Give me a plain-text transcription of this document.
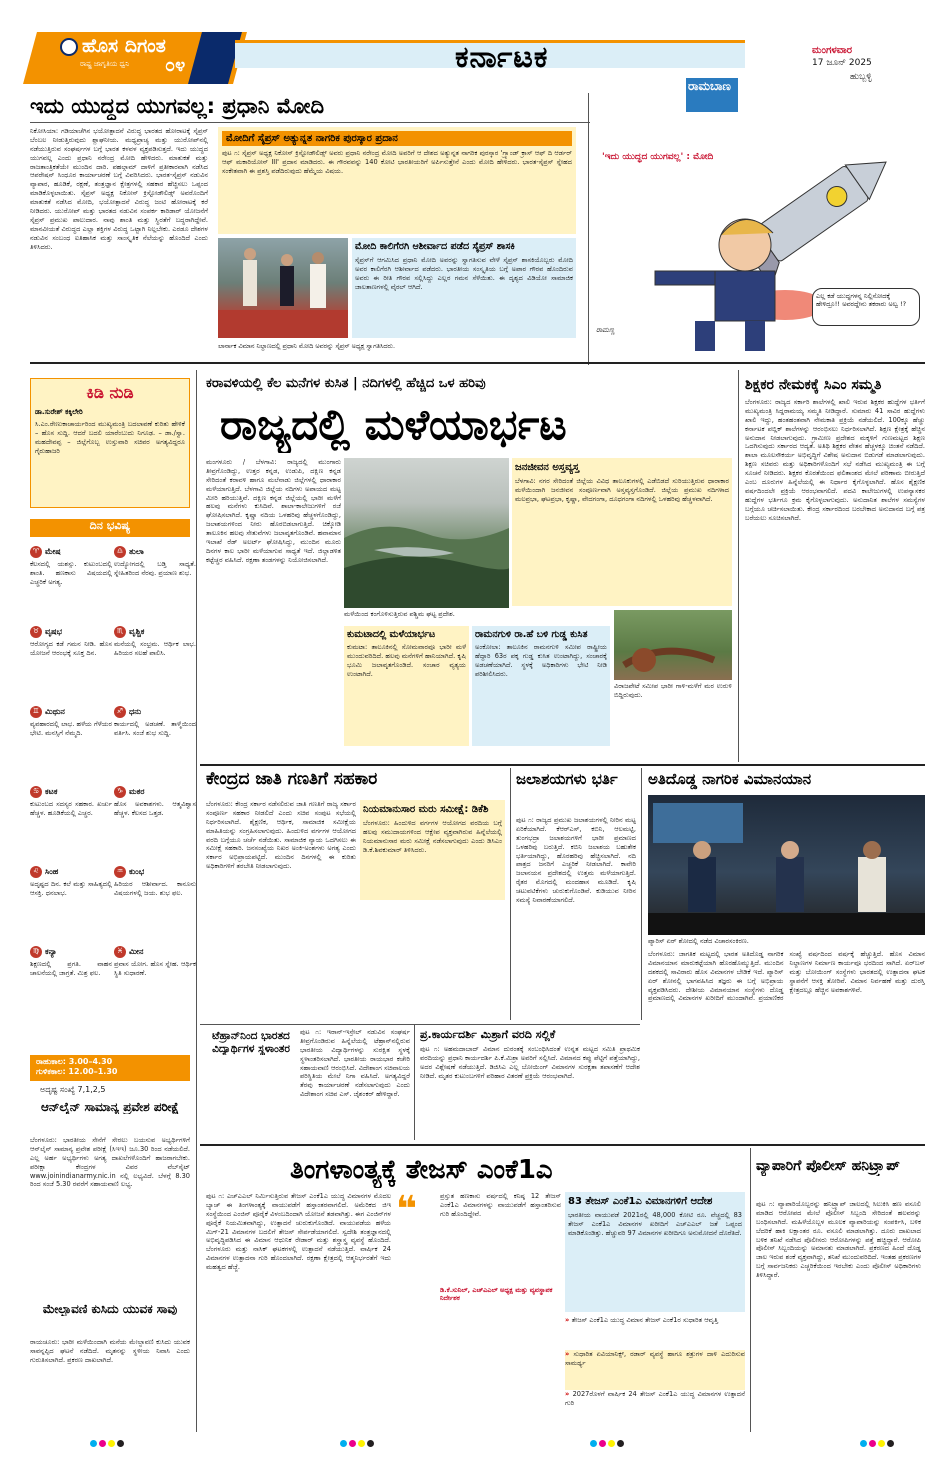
ಹೊಸ ದಿಗಂತ
ರಾಷ್ಟ್ರ ಜಾಗೃತಿಯ ಧ್ವನಿ ೦೪	ಕರ್ನಾಟಕ	ಮಂಗಳವಾರ
17 ಜೂನ್ 2025
ಹುಬ್ಬಳ್ಳಿ
ಇದು ಯುದ್ಧದ ಯುಗವಲ್ಲ: ಪ್ರಧಾನಿ ಮೋದಿ
ನಿಕೋಸಿಯಾ: ಗಡಿಯಾಚೆಗಿನ ಭಯೋತ್ಪಾದನೆ ವಿರುದ್ಧ ಭಾರತದ ಹೋರಾಟಕ್ಕೆ ಸೈಪ್ರಸ್ ಬೆಂಬಲ ನೀಡುತ್ತಿರುವುದು ಶ್ಲಾಘನೀಯ. ಮಧ್ಯಪ್ರಾಚ್ಯ ಮತ್ತು ಯುರೋಪ್‌ನಲ್ಲಿ ನಡೆಯುತ್ತಿರುವ ಸಂಘರ್ಷಗಳ ಬಗ್ಗೆ ಭಾರತ ಕಳವಳ ವ್ಯಕ್ತಪಡಿಸುತ್ತದೆ. ಇದು ಯುದ್ಧದ ಯುಗವಲ್ಲ ಎಂದು ಪ್ರಧಾನಿ ನರೇಂದ್ರ ಮೋದಿ ಹೇಳಿದರು. ಮಾತುಕತೆ ಮತ್ತು ರಾಜತಾಂತ್ರಿಕತೆಯೇ ಮುಂದಿನ ದಾರಿ. ಪಹಲ್ಗಾಮ್ ದಾಳಿಗೆ ಪ್ರತೀಕಾರವಾಗಿ ನಡೆಸಿದ ಆಪರೇಷನ್ ಸಿಂಧೂರ ಕಾರ್ಯಾಚರಣೆ ಬಗ್ಗೆ ವಿವರಿಸಿದರು. ಭಾರತ-ಸೈಪ್ರಸ್ ನಡುವಿನ ವ್ಯಾಪಾರ, ಹೂಡಿಕೆ, ರಕ್ಷಣೆ, ತಂತ್ರಜ್ಞಾನ ಕ್ಷೇತ್ರಗಳಲ್ಲಿ ಸಹಕಾರ ಹೆಚ್ಚಿಸಲು ಒಪ್ಪಂದ ಮಾಡಿಕೊಳ್ಳಲಾಯಿತು. ಸೈಪ್ರಸ್ ಅಧ್ಯಕ್ಷ ನಿಕೋಸ್ ಕ್ರಿಸ್ಟೋಡೌಲಿಡ್ಸ್ ಅವರೊಂದಿಗೆ ಮಾತುಕತೆ ನಡೆಸಿದ ಮೋದಿ, ಭಯೋತ್ಪಾದನೆ ವಿರುದ್ಧ ಜಂಟಿ ಹೋರಾಟಕ್ಕೆ ಕರೆ ನೀಡಿದರು. ಯುರೋಪ್ ಮತ್ತು ಭಾರತದ ನಡುವಿನ ಸಂಪರ್ಕ ಕಾರಿಡಾರ್ ಯೋಜನೆಗೆ ಸೈಪ್ರಸ್ ಪ್ರಮುಖ ಪಾಲುದಾರ. ನಾವು ಶಾಂತಿ ಮತ್ತು ಸ್ಥಿರತೆಗೆ ಬದ್ಧರಾಗಿದ್ದೇವೆ. ಮಾನವೀಯತೆ ವಿರುದ್ಧದ ಎಲ್ಲಾ ಶಕ್ತಿಗಳ ವಿರುದ್ಧ ಒಟ್ಟಾಗಿ ನಿಲ್ಲಬೇಕು. ಎರಡೂ ದೇಶಗಳ ನಡುವಿನ ಸಂಬಂಧ ಐತಿಹಾಸಿಕ ಮತ್ತು ಸಾಂಸ್ಕೃತಿಕ ನೆಲೆಯನ್ನು ಹೊಂದಿದೆ ಎಂದು ತಿಳಿಸಿದರು.
ಮೋದಿಗೆ ಸೈಪ್ರಸ್ ಅತ್ಯುನ್ನತ ನಾಗರಿಕ ಪುರಸ್ಕಾರ ಪ್ರದಾನ
ಪುಟ ೧: ಸೈಪ್ರಸ್ ಅಧ್ಯಕ್ಷ ನಿಕೋಸ್ ಕ್ರಿಸ್ಟೋಡೌಲಿಡ್ಸ್ ಅವರು ಪ್ರಧಾನಿ ನರೇಂದ್ರ ಮೋದಿ ಅವರಿಗೆ ಆ ದೇಶದ ಅತ್ಯುನ್ನತ ನಾಗರಿಕ ಪುರಸ್ಕಾರ 'ಗ್ರ್ಯಾಂಡ್ ಕ್ರಾಸ್ ಆಫ್ ದಿ ಆರ್ಡರ್ ಆಫ್ ಮಕಾರಿಯೋಸ್ III' ಪ್ರದಾನ ಮಾಡಿದರು. ಈ ಗೌರವವನ್ನು 140 ಕೋಟಿ ಭಾರತೀಯರಿಗೆ ಅರ್ಪಿಸುತ್ತೇನೆ ಎಂದು ಮೋದಿ ಹೇಳಿದರು. ಭಾರತ-ಸೈಪ್ರಸ್ ಸ್ನೇಹದ ಸಂಕೇತವಾಗಿ ಈ ಪ್ರಶಸ್ತಿ ಪಡೆದಿರುವುದು ಹೆಮ್ಮೆಯ ವಿಷಯ.
ಮೋದಿ ಕಾಲಿಗೆರಗಿ ಆಶೀರ್ವಾದ ಪಡೆದ ಸೈಪ್ರಸ್ ಶಾಸಕಿ
ಸೈಪ್ರಸ್‌ಗೆ ಆಗಮಿಸಿದ ಪ್ರಧಾನಿ ಮೋದಿ ಅವರನ್ನು ಸ್ವಾಗತಿಸುವ ವೇಳೆ ಸೈಪ್ರಸ್ ಶಾಸಕಿಯೊಬ್ಬರು ಮೋದಿ ಅವರ ಕಾಲಿಗೆರಗಿ ಆಶೀರ್ವಾದ ಪಡೆದರು. ಭಾರತೀಯ ಸಂಸ್ಕೃತಿಯ ಬಗ್ಗೆ ಅಪಾರ ಗೌರವ ಹೊಂದಿರುವ ಅವರು ಈ ರೀತಿ ಗೌರವ ಸಲ್ಲಿಸಿದ್ದು ಎಲ್ಲರ ಗಮನ ಸೆಳೆಯಿತು. ಈ ದೃಶ್ಯದ ವಿಡಿಯೋ ಸಾಮಾಜಿಕ ಜಾಲತಾಣಗಳಲ್ಲಿ ವೈರಲ್ ಆಗಿದೆ.
ಲಾರ್ನಾಕ ವಿಮಾನ ನಿಲ್ದಾಣದಲ್ಲಿ ಪ್ರಧಾನಿ ಮೋದಿ ಅವರನ್ನು ಸೈಪ್ರಸ್ ಅಧ್ಯಕ್ಷ ಸ್ವಾಗತಿಸಿದರು.
ರಾಮಬಾಣ
'ಇದು ಯುದ್ಧದ ಯುಗವಲ್ಲ' : ಮೋದಿ
ಎಲ್ಲ ಕಡೆ ಯುದ್ಧಗಳನ್ನ ನಿಲ್ಲಿಸೋದಕ್ಕೆ ಹೇಳಿದ್ರೂ!! ಅವರದ್ದೇನು ತಕರಾರು ಅಲ್ವ !?
ರಾಮಣ್ಣ
ಕಿಡಿ ನುಡಿ
ಡಾ.ಸುರೇಶ್ ಕಕ್ಕಿಲೇರಿ
ಸಿ.ಎಂ.ರೇಣುಕಾಚಾರ್ಯರಿಂದ ಮುಖ್ಯಮಂತ್ರಿ ಬದಲಾವಣೆ ಕುರಿತು ಹೇಳಿಕೆ – ಹೊಸ ಸುದ್ದಿ. ಆದರೆ ಬದಲಿ ಯಾರೆಂಬುದು ನಿಗೂಢ. – ಡಾ./ಸ್ವಾ. ಮಹದೇವಪ್ಪ – ಜಿಲ್ಲೆಗೊಬ್ಬ ಉಸ್ತುವಾರಿ ಸಚಿವರ ಅಗತ್ಯವಿದ್ದರೂ ಗೈರುಹಾಜರಿ
ದಿನ ಭವಿಷ್ಯ
♈ ಮೇಷ
ಕೆಲಸದಲ್ಲಿ ಯಶಸ್ಸು. ಕುಟುಂಬದಲ್ಲಿ ಶಾಂತಿ. ಹಣಕಾಸು ವಿಷಯದಲ್ಲಿ ಎಚ್ಚರಿಕೆ ಅಗತ್ಯ.
♎ ತುಲಾ
ಉದ್ಯೋಗದಲ್ಲಿ ಬಡ್ತಿ ಸಾಧ್ಯತೆ. ಸ್ನೇಹಿತರಿಂದ ನೆರವು. ಪ್ರಯಾಣ ಶುಭ.
♉ ವೃಷಭ
ಆರೋಗ್ಯದ ಕಡೆ ಗಮನ ನೀಡಿ. ಹೊಸ ಯೋಜನೆ ಆರಂಭಕ್ಕೆ ಸೂಕ್ತ ದಿನ.
♏ ವೃಶ್ಚಿಕ
ಮನೆಯಲ್ಲಿ ಸಂಭ್ರಮ. ಆರ್ಥಿಕ ಲಾಭ. ಹಿರಿಯರ ಸಲಹೆ ಪಾಲಿಸಿ.
♊ ಮಿಥುನ
ವ್ಯವಹಾರದಲ್ಲಿ ಲಾಭ. ಹಳೆಯ ಗೆಳೆಯರ ಭೇಟಿ. ಮನಸ್ಸಿಗೆ ನೆಮ್ಮದಿ.
♐ ಧನು
ಕಾರ್ಯದಲ್ಲಿ ಅಡಚಣೆ. ತಾಳ್ಮೆಯಿಂದ ವರ್ತಿಸಿ. ಸಂಜೆ ಶುಭ ಸುದ್ದಿ.
♋ ಕಟಕ
ಕುಟುಂಬದ ಸದಸ್ಯರ ಸಹಕಾರ. ಖರ್ಚು ಹೆಚ್ಚಳ. ಹೂಡಿಕೆಯಲ್ಲಿ ಎಚ್ಚರ.
♑ ಮಕರ
ಹೊಸ ಅವಕಾಶಗಳು. ಆತ್ಮವಿಶ್ವಾಸ ಹೆಚ್ಚಳ. ಕೆಲಸದ ಒತ್ತಡ.
♌ ಸಿಂಹ
ಅದೃಷ್ಟದ ದಿನ. ಕಲೆ ಮತ್ತು ಸಾಹಿತ್ಯದಲ್ಲಿ ಆಸಕ್ತಿ. ಧನಲಾಭ.
♒ ಕುಂಭ
ಹಿರಿಯರ ಆಶೀರ್ವಾದ. ಕಾನೂನು ವಿಷಯಗಳಲ್ಲಿ ಜಯ. ಶುಭ ಫಲ.
♍ ಕನ್ಯಾ
ಶಿಕ್ಷಣದಲ್ಲಿ ಪ್ರಗತಿ. ವಾಹನ ಚಾಲನೆಯಲ್ಲಿ ಜಾಗ್ರತೆ. ಮಿಶ್ರ ಫಲ.
♓ ಮೀನ
ಪ್ರವಾಸ ಯೋಗ. ಹೊಸ ಸ್ನೇಹ. ಆರ್ಥಿಕ ಸ್ಥಿತಿ ಸುಧಾರಣೆ.
ರಾಹುಕಾಲ: 3.00–4.30
ಗುಳಿಕಕಾಲ: 12.00–1.30
ಅದೃಷ್ಟ ಸಂಖ್ಯೆ 7,1,2,5
ಆನ್‌ಲೈನ್ ಸಾಮಾನ್ಯ ಪ್ರವೇಶ ಪರೀಕ್ಷೆ
ಬೆಂಗಳೂರು: ಭಾರತೀಯ ಸೇನೆಗೆ ಸೇರಲು ಬಯಸುವ ಅಭ್ಯರ್ಥಿಗಳಿಗೆ ಆನ್‌ಲೈನ್ ಸಾಮಾನ್ಯ ಪ್ರವೇಶ ಪರೀಕ್ಷೆ (ಸಿಇಇ) ಜೂ.30 ರಿಂದ ನಡೆಯಲಿದೆ. ಎಲ್ಲ ಅರ್ಹ ಅಭ್ಯರ್ಥಿಗಳು ಅಗತ್ಯ ದಾಖಲೆಗಳೊಂದಿಗೆ ಹಾಜರಾಗಬೇಕು. ಪರೀಕ್ಷಾ ಕೇಂದ್ರಗಳ ವಿವರ ವೆಬ್‌ಸೈಟ್ www.joinindianarmy.nic.in ನಲ್ಲಿ ಲಭ್ಯವಿದೆ. ಬೆಳಗ್ಗೆ 8.30 ರಿಂದ ಸಂಜೆ 5.30 ರವರೆಗೆ ಸಹಾಯವಾಣಿ ಲಭ್ಯ.
ಮೇಲ್ಛಾವಣಿ ಕುಸಿದು ಯುವಕ ಸಾವು
ರಾಯಚೂರು: ಭಾರೀ ಮಳೆಯಿಂದಾಗಿ ಮನೆಯ ಮೇಲ್ಛಾವಣಿ ಕುಸಿದು ಯುವಕ ಸಾವನ್ನಪ್ಪಿದ ಘಟನೆ ನಡೆದಿದೆ. ಮೃತನನ್ನು ಸ್ಥಳೀಯ ನಿವಾಸಿ ಎಂದು ಗುರುತಿಸಲಾಗಿದೆ. ಪ್ರಕರಣ ದಾಖಲಾಗಿದೆ.
ಕರಾವಳಿಯಲ್ಲಿ ಕೆಲ ಮನೆಗಳ ಕುಸಿತ | ನದಿಗಳಲ್ಲಿ ಹೆಚ್ಚಿದ ಒಳ ಹರಿವು
ರಾಜ್ಯದಲ್ಲಿ ಮಳೆಯಾರ್ಭಟ
ಮಂಗಳೂರು / ಬೆಳಗಾವಿ: ರಾಜ್ಯದಲ್ಲಿ ಮುಂಗಾರು ತೀವ್ರಗೊಂಡಿದ್ದು, ಉತ್ತರ ಕನ್ನಡ, ಉಡುಪಿ, ದಕ್ಷಿಣ ಕನ್ನಡ ಸೇರಿದಂತೆ ಕರಾವಳಿ ಹಾಗೂ ಮಲೆನಾಡು ಜಿಲ್ಲೆಗಳಲ್ಲಿ ಧಾರಾಕಾರ ಮಳೆಯಾಗುತ್ತಿದೆ. ಬೆಳಗಾವಿ ಜಿಲ್ಲೆಯ ನದಿಗಳು ಅಪಾಯದ ಮಟ್ಟ ಮೀರಿ ಹರಿಯುತ್ತಿವೆ. ದಕ್ಷಿಣ ಕನ್ನಡ ಜಿಲ್ಲೆಯಲ್ಲಿ ಭಾರೀ ಮಳೆಗೆ ಹಲವು ಮನೆಗಳು ಕುಸಿದಿವೆ. ಶಾಲಾ-ಕಾಲೇಜುಗಳಿಗೆ ರಜೆ ಘೋಷಿಸಲಾಗಿದೆ. ಕೃಷ್ಣಾ ನದಿಯ ಒಳಹರಿವು ಹೆಚ್ಚಳಗೊಂಡಿದ್ದು, ಜಲಾಶಯಗಳಿಂದ ನೀರು ಹೊರಬಿಡಲಾಗುತ್ತಿದೆ. ಚಿಕ್ಕೋಡಿ ತಾಲೂಕಿನ ಹಲವು ಸೇತುವೆಗಳು ಜಲಾವೃತಗೊಂಡಿವೆ. ಹವಾಮಾನ ಇಲಾಖೆ ರೆಡ್ ಅಲರ್ಟ್ ಘೋಷಿಸಿದ್ದು, ಮುಂದಿನ ಮೂರು ದಿನಗಳ ಕಾಲ ಭಾರೀ ಮಳೆಯಾಗುವ ಸಾಧ್ಯತೆ ಇದೆ. ಜಿಲ್ಲಾಡಳಿತ ಕಟ್ಟೆಚ್ಚರ ವಹಿಸಿದೆ. ರಕ್ಷಣಾ ತಂಡಗಳನ್ನು ನಿಯೋಜಿಸಲಾಗಿದೆ.
ಮಳೆಯಿಂದ ಕಂಗೊಳಿಸುತ್ತಿರುವ ಪಶ್ಚಿಮ ಘಟ್ಟ ಪ್ರದೇಶ.
ಜನಜೀವನ ಅಸ್ತವ್ಯಸ್ತ
ಬೆಳಗಾವಿ: ನಗರ ಸೇರಿದಂತೆ ಜಿಲ್ಲೆಯ ವಿವಿಧ ತಾಲೂಕುಗಳಲ್ಲಿ ಎಡೆಬಿಡದೆ ಸುರಿಯುತ್ತಿರುವ ಧಾರಾಕಾರ ಮಳೆಯಿಂದಾಗಿ ಜನಜೀವನ ಸಂಪೂರ್ಣವಾಗಿ ಅಸ್ತವ್ಯಸ್ತಗೊಂಡಿದೆ. ಜಿಲ್ಲೆಯ ಪ್ರಮುಖ ನದಿಗಳಾದ ಮಲಪ್ರಭಾ, ಘಟಪ್ರಭಾ, ಕೃಷ್ಣಾ, ವೇದಗಂಗಾ, ದೂಧಗಂಗಾ ನದಿಗಳಲ್ಲಿ ಒಳಹರಿವು ಹೆಚ್ಚಳವಾಗಿದೆ.
ಕುಮಟಾದಲ್ಲಿ ಮಳೆಯಾರ್ಭಟ
ಕುಮಟಾ: ತಾಲೂಕಿನಲ್ಲಿ ಸೋಮವಾರವೂ ಭಾರೀ ಮಳೆ ಮುಂದುವರಿದಿದೆ. ಹಲವು ಮನೆಗಳಿಗೆ ಹಾನಿಯಾಗಿದೆ. ಕೃಷಿ ಭೂಮಿ ಜಲಾವೃತಗೊಂಡಿದೆ. ಸಂಚಾರ ವ್ಯತ್ಯಯ ಉಂಟಾಗಿದೆ.
ರಾಮನಗುಳಿ ರಾ.ಹೆ ಬಳಿ ಗುಡ್ಡ ಕುಸಿತ
ಅಂಕೋಲಾ: ತಾಲೂಕಿನ ರಾಮನಗುಳಿ ಸಮೀಪ ರಾಷ್ಟ್ರೀಯ ಹೆದ್ದಾರಿ 63ರ ಪಕ್ಕ ಗುಡ್ಡ ಕುಸಿತ ಉಂಟಾಗಿದ್ದು, ಸಂಚಾರಕ್ಕೆ ಅಡಚಣೆಯಾಗಿದೆ. ಸ್ಥಳಕ್ಕೆ ಅಧಿಕಾರಿಗಳು ಭೇಟಿ ನೀಡಿ ಪರಿಶೀಲಿಸಿದರು.
ವಿರಾಜಪೇಟೆ ಸಮೀಪ ಭಾರೀ ಗಾಳಿ-ಮಳೆಗೆ ಮರ ಉರುಳಿ ಬಿದ್ದಿರುವುದು.
ಶಿಕ್ಷಕರ ನೇಮಕಕ್ಕೆ ಸಿಎಂ ಸಮ್ಮತಿ
ಬೆಂಗಳೂರು: ರಾಜ್ಯದ ಸರ್ಕಾರಿ ಶಾಲೆಗಳಲ್ಲಿ ಖಾಲಿ ಇರುವ ಶಿಕ್ಷಕರ ಹುದ್ದೆಗಳ ಭರ್ತಿಗೆ ಮುಖ್ಯಮಂತ್ರಿ ಸಿದ್ದರಾಮಯ್ಯ ಸಮ್ಮತಿ ನೀಡಿದ್ದಾರೆ. ಸುಮಾರು 41 ಸಾವಿರ ಹುದ್ದೆಗಳು ಖಾಲಿ ಇದ್ದು, ಹಂತಹಂತವಾಗಿ ನೇಮಕಾತಿ ಪ್ರಕ್ರಿಯೆ ನಡೆಯಲಿದೆ. 100ಕ್ಕೂ ಹೆಚ್ಚು ಕರ್ನಾಟಕ ಪಬ್ಲಿಕ್ ಶಾಲೆಗಳನ್ನು ಆರಂಭಿಸಲು ನಿರ್ಧರಿಸಲಾಗಿದೆ. ಶಿಕ್ಷಣ ಕ್ಷೇತ್ರಕ್ಕೆ ಹೆಚ್ಚಿನ ಅನುದಾನ ನೀಡಲಾಗುವುದು. ಗ್ರಾಮೀಣ ಪ್ರದೇಶದ ಮಕ್ಕಳಿಗೆ ಗುಣಮಟ್ಟದ ಶಿಕ್ಷಣ ಒದಗಿಸುವುದು ಸರ್ಕಾರದ ಆದ್ಯತೆ. ಅತಿಥಿ ಶಿಕ್ಷಕರ ವೇತನ ಹೆಚ್ಚಳಕ್ಕೂ ಚಿಂತನೆ ನಡೆದಿದೆ. ಶಾಲಾ ಮೂಲಸೌಕರ್ಯ ಅಭಿವೃದ್ಧಿಗೆ ವಿಶೇಷ ಅನುದಾನ ಬಿಡುಗಡೆ ಮಾಡಲಾಗುವುದು. ಶಿಕ್ಷಣ ಸಚಿವರು ಮತ್ತು ಅಧಿಕಾರಿಗಳೊಂದಿಗೆ ಸಭೆ ನಡೆಸಿದ ಮುಖ್ಯಮಂತ್ರಿ ಈ ಬಗ್ಗೆ ಸೂಚನೆ ನೀಡಿದರು. ಶಿಕ್ಷಕರ ಕೊರತೆಯಿಂದ ಫಲಿತಾಂಶದ ಮೇಲೆ ಪರಿಣಾಮ ಬೀರುತ್ತಿದೆ ಎಂಬ ದೂರುಗಳ ಹಿನ್ನೆಲೆಯಲ್ಲಿ ಈ ನಿರ್ಧಾರ ಕೈಗೊಳ್ಳಲಾಗಿದೆ. ಹೊಸ ಶೈಕ್ಷಣಿಕ ವರ್ಷದಿಂದಲೇ ಪ್ರಕ್ರಿಯೆ ಆರಂಭವಾಗಲಿದೆ. ಪದವಿ ಕಾಲೇಜುಗಳಲ್ಲಿ ಉಪನ್ಯಾಸಕರ ಹುದ್ದೆಗಳ ಭರ್ತಿಗೂ ಕ್ರಮ ಕೈಗೊಳ್ಳಲಾಗುವುದು. ಅನುದಾನಿತ ಶಾಲೆಗಳ ಸಮಸ್ಯೆಗಳ ಬಗ್ಗೆಯೂ ಚರ್ಚಿಸಲಾಯಿತು. ಕೇಂದ್ರ ಸರ್ಕಾರದಿಂದ ಬರಬೇಕಾದ ಅನುದಾನದ ಬಗ್ಗೆ ಪತ್ರ ಬರೆಯಲು ಸೂಚಿಸಲಾಗಿದೆ.
ಕೇಂದ್ರದ ಜಾತಿ ಗಣತಿಗೆ ಸಹಕಾರ
ಬೆಂಗಳೂರು: ಕೇಂದ್ರ ಸರ್ಕಾರ ನಡೆಸಲಿರುವ ಜಾತಿ ಗಣತಿಗೆ ರಾಜ್ಯ ಸರ್ಕಾರ ಸಂಪೂರ್ಣ ಸಹಕಾರ ನೀಡಲಿದೆ ಎಂದು ಸಚಿವ ಸಂಪುಟ ಸಭೆಯಲ್ಲಿ ನಿರ್ಧರಿಸಲಾಗಿದೆ. ಶೈಕ್ಷಣಿಕ, ಆರ್ಥಿಕ, ಸಾಮಾಜಿಕ ಸಮೀಕ್ಷೆಯ ಮಾಹಿತಿಯನ್ನು ಸಂಗ್ರಹಿಸಲಾಗುವುದು. ಹಿಂದುಳಿದ ವರ್ಗಗಳ ಆಯೋಗದ ವರದಿ ಬಗ್ಗೆಯೂ ಚರ್ಚೆ ನಡೆಯಿತು. ಸಾಮಾಜಿಕ ನ್ಯಾಯ ಒದಗಿಸಲು ಈ ಸಮೀಕ್ಷೆ ಸಹಕಾರಿ. ಜನಸಂಖ್ಯೆಯ ನಿಖರ ಅಂಕಿ-ಅಂಶಗಳು ಅಗತ್ಯ ಎಂದು ಸರ್ಕಾರ ಅಭಿಪ್ರಾಯಪಟ್ಟಿದೆ. ಮುಂದಿನ ದಿನಗಳಲ್ಲಿ ಈ ಕುರಿತು ಅಧಿಕಾರಿಗಳಿಗೆ ತರಬೇತಿ ನೀಡಲಾಗುವುದು.
ನಿಯಮಾನುಸಾರ ಮರು ಸಮೀಕ್ಷೆ: ಡಿಕೆಶಿ
ಬೆಂಗಳೂರು: ಹಿಂದುಳಿದ ವರ್ಗಗಳ ಆಯೋಗದ ವರದಿಯ ಬಗ್ಗೆ ಹಲವು ಸಮುದಾಯಗಳಿಂದ ಆಕ್ಷೇಪ ವ್ಯಕ್ತವಾಗಿರುವ ಹಿನ್ನೆಲೆಯಲ್ಲಿ ನಿಯಮಾನುಸಾರ ಮರು ಸಮೀಕ್ಷೆ ನಡೆಸಲಾಗುವುದು ಎಂದು ಡಿಸಿಎಂ ಡಿ.ಕೆ.ಶಿವಕುಮಾರ್ ತಿಳಿಸಿದರು.
ಜಲಾಶಯಗಳು ಭರ್ತಿ
ಪುಟ ೧: ರಾಜ್ಯದ ಪ್ರಮುಖ ಜಲಾಶಯಗಳಲ್ಲಿ ನೀರಿನ ಮಟ್ಟ ಏರಿಕೆಯಾಗಿದೆ. ಕೆಆರ್‌ಎಸ್, ಕಬಿನಿ, ಆಲಮಟ್ಟಿ, ತುಂಗಭದ್ರಾ ಜಲಾಶಯಗಳಿಗೆ ಭಾರೀ ಪ್ರಮಾಣದ ಒಳಹರಿವು ಬರುತ್ತಿದೆ. ಕಬಿನಿ ಜಲಾಶಯ ಬಹುತೇಕ ಭರ್ತಿಯಾಗಿದ್ದು, ಹೊರಹರಿವು ಹೆಚ್ಚಿಸಲಾಗಿದೆ. ನದಿ ಪಾತ್ರದ ಜನರಿಗೆ ಎಚ್ಚರಿಕೆ ನೀಡಲಾಗಿದೆ. ಕಾವೇರಿ ಜಲಾನಯನ ಪ್ರದೇಶದಲ್ಲಿ ಉತ್ತಮ ಮಳೆಯಾಗುತ್ತಿದೆ. ರೈತರ ಮೊಗದಲ್ಲಿ ಮಂದಹಾಸ ಮೂಡಿದೆ. ಕೃಷಿ ಚಟುವಟಿಕೆಗಳು ಚುರುಕುಗೊಂಡಿವೆ. ಕುಡಿಯುವ ನೀರಿನ ಸಮಸ್ಯೆ ನಿವಾರಣೆಯಾಗಲಿದೆ.
ಅತಿದೊಡ್ಡ ನಾಗರಿಕ ವಿಮಾನಯಾನ
ಪ್ಯಾರಿಸ್ ಏರ್ ಶೋದಲ್ಲಿ ನಡೆದ ವಿಚಾರಸಂಕಿರಣ.
ಬೆಂಗಳೂರು: ಜಾಗತಿಕ ಮಟ್ಟದಲ್ಲಿ ಭಾರತ ಅತಿದೊಡ್ಡ ನಾಗರಿಕ ವಿಮಾನಯಾನ ಮಾರುಕಟ್ಟೆಯಾಗಿ ಹೊರಹೊಮ್ಮುತ್ತಿದೆ. ಮುಂದಿನ ದಶಕದಲ್ಲಿ ಸಾವಿರಾರು ಹೊಸ ವಿಮಾನಗಳ ಬೇಡಿಕೆ ಇದೆ. ಪ್ಯಾರಿಸ್ ಏರ್ ಶೋನಲ್ಲಿ ಭಾಗವಹಿಸಿದ ತಜ್ಞರು ಈ ಬಗ್ಗೆ ಅಭಿಪ್ರಾಯ ವ್ಯಕ್ತಪಡಿಸಿದರು. ದೇಶೀಯ ವಿಮಾನಯಾನ ಸಂಸ್ಥೆಗಳು ದೊಡ್ಡ ಪ್ರಮಾಣದಲ್ಲಿ ವಿಮಾನಗಳ ಖರೀದಿಗೆ ಮುಂದಾಗಿವೆ. ಪ್ರಯಾಣಿಕರ ಸಂಖ್ಯೆ ವರ್ಷದಿಂದ ವರ್ಷಕ್ಕೆ ಹೆಚ್ಚುತ್ತಿದೆ. ಹೊಸ ವಿಮಾನ ನಿಲ್ದಾಣಗಳ ನಿರ್ಮಾಣ ಕಾರ್ಯವೂ ಭರದಿಂದ ಸಾಗಿದೆ. ಏರ್‌ಬಸ್ ಮತ್ತು ಬೋಯಿಂಗ್ ಸಂಸ್ಥೆಗಳು ಭಾರತದಲ್ಲಿ ಉತ್ಪಾದನಾ ಘಟಕ ಸ್ಥಾಪನೆಗೆ ಆಸಕ್ತಿ ತೋರಿವೆ. ವಿಮಾನ ನಿರ್ವಹಣೆ ಮತ್ತು ದುರಸ್ತಿ ಕ್ಷೇತ್ರದಲ್ಲೂ ಹೆಚ್ಚಿನ ಅವಕಾಶಗಳಿವೆ.
ಟೆಹ್ರಾನ್‌ನಿಂದ ಭಾರತದ ವಿದ್ಯಾರ್ಥಿಗಳ ಸ್ಥಳಾಂತರ
ಪುಟ ೧: ಇರಾನ್-ಇಸ್ರೇಲ್ ನಡುವಿನ ಸಂಘರ್ಷ ತೀವ್ರಗೊಂಡಿರುವ ಹಿನ್ನೆಲೆಯಲ್ಲಿ ಟೆಹ್ರಾನ್‌ನಲ್ಲಿರುವ ಭಾರತೀಯ ವಿದ್ಯಾರ್ಥಿಗಳನ್ನು ಸುರಕ್ಷಿತ ಸ್ಥಳಕ್ಕೆ ಸ್ಥಳಾಂತರಿಸಲಾಗಿದೆ. ಭಾರತೀಯ ರಾಯಭಾರ ಕಚೇರಿ ಸಹಾಯವಾಣಿ ಆರಂಭಿಸಿದೆ. ವಿದೇಶಾಂಗ ಸಚಿವಾಲಯ ಪರಿಸ್ಥಿತಿಯ ಮೇಲೆ ನಿಗಾ ವಹಿಸಿದೆ. ಅಗತ್ಯವಿದ್ದರೆ ತೆರವು ಕಾರ್ಯಾಚರಣೆ ನಡೆಸಲಾಗುವುದು ಎಂದು ವಿದೇಶಾಂಗ ಸಚಿವ ಎಸ್. ಜೈಶಂಕರ್ ಹೇಳಿದ್ದಾರೆ.
ಪ್ರ.ಕಾರ್ಯದರ್ಶಿ ಮಿಶ್ರಾಗೆ ವರದಿ ಸಲ್ಲಿಕೆ
ಪುಟ ೧: ಅಹಮದಾಬಾದ್ ವಿಮಾನ ದುರಂತಕ್ಕೆ ಸಂಬಂಧಿಸಿದಂತೆ ಉನ್ನತ ಮಟ್ಟದ ಸಮಿತಿ ಪ್ರಾಥಮಿಕ ವರದಿಯನ್ನು ಪ್ರಧಾನಿ ಕಾರ್ಯದರ್ಶಿ ಪಿ.ಕೆ.ಮಿಶ್ರಾ ಅವರಿಗೆ ಸಲ್ಲಿಸಿದೆ. ವಿಮಾನದ ಕಪ್ಪು ಪೆಟ್ಟಿಗೆ ಪತ್ತೆಯಾಗಿದ್ದು, ಅದರ ವಿಶ್ಲೇಷಣೆ ನಡೆಯುತ್ತಿದೆ. ಡಿಜಿಸಿಎ ಎಲ್ಲ ಬೋಯಿಂಗ್ ವಿಮಾನಗಳ ಸುರಕ್ಷತಾ ತಪಾಸಣೆಗೆ ಆದೇಶ ನೀಡಿದೆ. ಮೃತರ ಕುಟುಂಬಗಳಿಗೆ ಪರಿಹಾರ ವಿತರಣೆ ಪ್ರಕ್ರಿಯೆ ಆರಂಭವಾಗಿದೆ.
ತಿಂಗಳಾಂತ್ಯಕ್ಕೆ ತೇಜಸ್ ಎಂಕೆ1ಎ
ಪುಟ ೧: ಎಚ್‌ಎಎಲ್ ನಿರ್ಮಿಸುತ್ತಿರುವ ತೇಜಸ್ ಎಂಕೆ1ಎ ಯುದ್ಧ ವಿಮಾನಗಳ ಮೊದಲ ಬ್ಯಾಚ್ ಈ ತಿಂಗಳಾಂತ್ಯಕ್ಕೆ ವಾಯುಪಡೆಗೆ ಹಸ್ತಾಂತರವಾಗಲಿದೆ. ಅಮೆರಿಕದ ಜಿಇ ಸಂಸ್ಥೆಯಿಂದ ಎಂಜಿನ್ ಪೂರೈಕೆ ವಿಳಂಬದಿಂದಾಗಿ ಯೋಜನೆ ತಡವಾಗಿತ್ತು. ಈಗ ಎಂಜಿನ್‌ಗಳ ಪೂರೈಕೆ ನಿಯಮಿತವಾಗಿದ್ದು, ಉತ್ಪಾದನೆ ಚುರುಕುಗೊಂಡಿದೆ. ವಾಯುಪಡೆಯ ಹಳೆಯ ಮಿಗ್-21 ವಿಮಾನಗಳ ಬದಲಿಗೆ ತೇಜಸ್ ಸೇರ್ಪಡೆಯಾಗಲಿದೆ. ಸ್ವದೇಶಿ ತಂತ್ರಜ್ಞಾನದಲ್ಲಿ ಅಭಿವೃದ್ಧಿಪಡಿಸಿದ ಈ ವಿಮಾನ ಆಧುನಿಕ ರೇಡಾರ್ ಮತ್ತು ಶಸ್ತ್ರಾಸ್ತ್ರ ವ್ಯವಸ್ಥೆ ಹೊಂದಿದೆ. ಬೆಂಗಳೂರು ಮತ್ತು ನಾಸಿಕ್ ಘಟಕಗಳಲ್ಲಿ ಉತ್ಪಾದನೆ ನಡೆಯುತ್ತಿದೆ. ವಾರ್ಷಿಕ 24 ವಿಮಾನಗಳ ಉತ್ಪಾದನಾ ಗುರಿ ಹೊಂದಲಾಗಿದೆ. ರಕ್ಷಣಾ ಕ್ಷೇತ್ರದಲ್ಲಿ ಆತ್ಮನಿರ್ಭರತೆಗೆ ಇದು ಮಹತ್ವದ ಹೆಜ್ಜೆ.
❝	ಪ್ರಸ್ತುತ ಹಣಕಾಸು ವರ್ಷದಲ್ಲಿ ಕನಿಷ್ಠ 12 ತೇಜಸ್ ಎಂಕೆ1ಎ ವಿಮಾನಗಳನ್ನು ವಾಯುಪಡೆಗೆ ಹಸ್ತಾಂತರಿಸುವ ಗುರಿ ಹೊಂದಿದ್ದೇವೆ.
ಡಿ.ಕೆ.ಸುನಿಲ್, ಎಚ್‌ಎಎಲ್ ಅಧ್ಯಕ್ಷ ಮತ್ತು ವ್ಯವಸ್ಥಾಪಕ ನಿರ್ದೇಶಕ
83 ತೇಜಸ್ ಎಂಕೆ1ಎ ವಿಮಾನಗಳಿಗೆ ಆದೇಶ
ಭಾರತೀಯ ವಾಯುಪಡೆ 2021ರಲ್ಲಿ 48,000 ಕೋಟಿ ರೂ. ವೆಚ್ಚದಲ್ಲಿ 83 ತೇಜಸ್ ಎಂಕೆ1ಎ ವಿಮಾನಗಳ ಖರೀದಿಗೆ ಎಚ್‌ಎಎಲ್ ಜತೆ ಒಪ್ಪಂದ ಮಾಡಿಕೊಂಡಿತ್ತು. ಹೆಚ್ಚುವರಿ 97 ವಿಮಾನಗಳ ಖರೀದಿಗೂ ಅನುಮೋದನೆ ದೊರೆತಿದೆ.
» ತೇಜಸ್ ಎಂಕೆ1ಎ ಯುದ್ಧ ವಿಮಾನ ತೇಜಸ್ ಎಂಕೆ1ರ ಸುಧಾರಿತ ಆವೃತ್ತಿ
» ಸುಧಾರಿತ ಏವಿಯಾನಿಕ್ಸ್, ರಡಾರ್ ವ್ಯವಸ್ಥೆ ಹಾಗೂ ಶತ್ರುಗಳ ದಾಳಿ ಎದುರಿಸುವ ಸಾಮರ್ಥ್ಯ
» 2027ರೊಳಗೆ ವಾರ್ಷಿಕ 24 ತೇಜಸ್ ಎಂಕೆ1ಎ ಯುದ್ಧ ವಿಮಾನಗಳ ಉತ್ಪಾದನೆ ಗುರಿ
ವ್ಯಾಪಾರಿಗೆ ಪೊಲೀಸ್ ಹನಿಟ್ರ್ಯಾಪ್
ಪುಟ ೧: ವ್ಯಾಪಾರಿಯೊಬ್ಬರನ್ನು ಹನಿಟ್ರ್ಯಾಪ್ ಜಾಲದಲ್ಲಿ ಸಿಲುಕಿಸಿ ಹಣ ವಸೂಲಿ ಮಾಡಿದ ಆರೋಪದ ಮೇಲೆ ಪೊಲೀಸ್ ಸಿಬ್ಬಂದಿ ಸೇರಿದಂತೆ ಹಲವರನ್ನು ಬಂಧಿಸಲಾಗಿದೆ. ಮಹಿಳೆಯೊಬ್ಬಳ ಮೂಲಕ ವ್ಯಾಪಾರಿಯನ್ನು ಸಂಪರ್ಕಿಸಿ, ಬಳಿಕ ಬೆದರಿಕೆ ಹಾಕಿ ಲಕ್ಷಾಂತರ ರೂ. ವಸೂಲಿ ಮಾಡಲಾಗಿತ್ತು. ದೂರು ದಾಖಲಾದ ಬಳಿಕ ತನಿಖೆ ನಡೆಸಿದ ಪೊಲೀಸರು ಆರೋಪಿಗಳನ್ನು ಪತ್ತೆ ಹಚ್ಚಿದ್ದಾರೆ. ಆರೋಪಿ ಪೊಲೀಸ್ ಸಿಬ್ಬಂದಿಯನ್ನು ಅಮಾನತು ಮಾಡಲಾಗಿದೆ. ಪ್ರಕರಣದ ಹಿಂದೆ ದೊಡ್ಡ ಜಾಲ ಇರುವ ಶಂಕೆ ವ್ಯಕ್ತವಾಗಿದ್ದು, ತನಿಖೆ ಮುಂದುವರಿದಿದೆ. ಇಂತಹ ಪ್ರಕರಣಗಳ ಬಗ್ಗೆ ಸಾರ್ವಜನಿಕರು ಎಚ್ಚರಿಕೆಯಿಂದ ಇರಬೇಕು ಎಂದು ಪೊಲೀಸ್ ಅಧಿಕಾರಿಗಳು ತಿಳಿಸಿದ್ದಾರೆ.
